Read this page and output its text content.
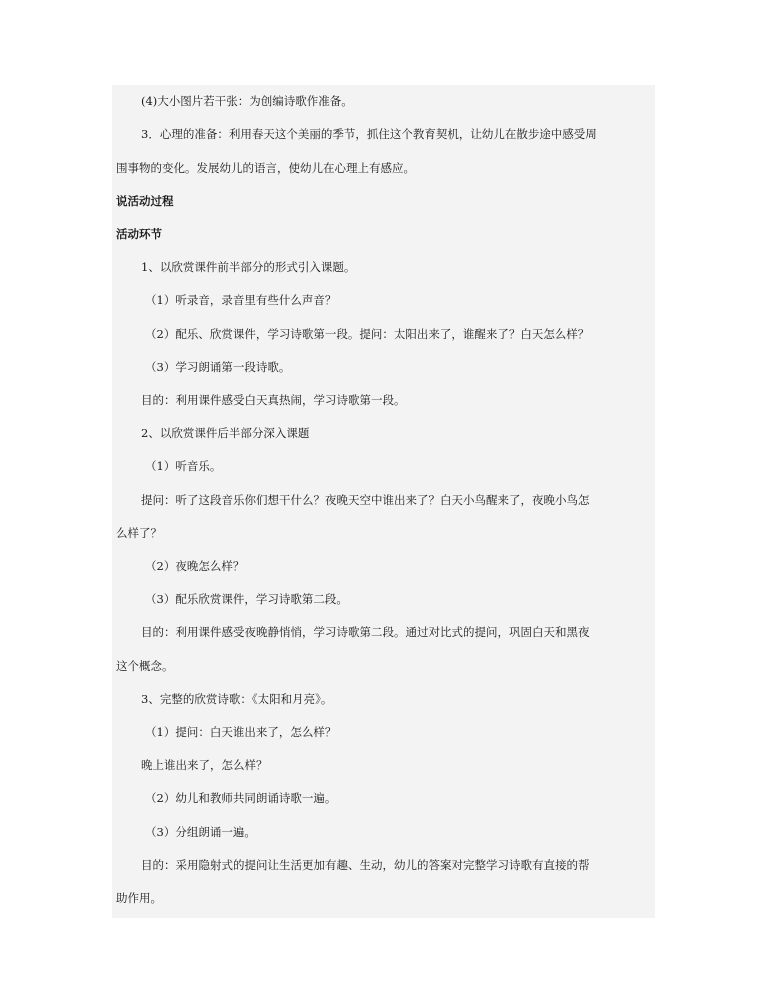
(4)大小图片若干张：为创编诗歌作准备。
3．心理的准备：利用春天这个美丽的季节，抓住这个教育契机，让幼儿在散步途中感受周
围事物的变化。发展幼儿的语言，使幼儿在心理上有感应。
说活动过程
活动环节
1、以欣赏课件前半部分的形式引入课题。
（1）听录音，录音里有些什么声音？
（2）配乐、欣赏课件，学习诗歌第一段。提问：太阳出来了，谁醒来了？白天怎么样？
（3）学习朗诵第一段诗歌。
目的：利用课件感受白天真热闹，学习诗歌第一段。
2、以欣赏课件后半部分深入课题
（1）听音乐。
提问：听了这段音乐你们想干什么？夜晚天空中谁出来了？白天小鸟醒来了，夜晚小鸟怎
么样了？
（2）夜晚怎么样？
（3）配乐欣赏课件，学习诗歌第二段。
目的：利用课件感受夜晚静悄悄，学习诗歌第二段。通过对比式的提问，巩固白天和黑夜
这个概念。
3、完整的欣赏诗歌：《太阳和月亮》。
（1）提问：白天谁出来了，怎么样？
晚上谁出来了，怎么样？
（2）幼儿和教师共同朗诵诗歌一遍。
（3）分组朗诵一遍。
目的：采用隐射式的提问让生活更加有趣、生动，幼儿的答案对完整学习诗歌有直接的帮
助作用。
